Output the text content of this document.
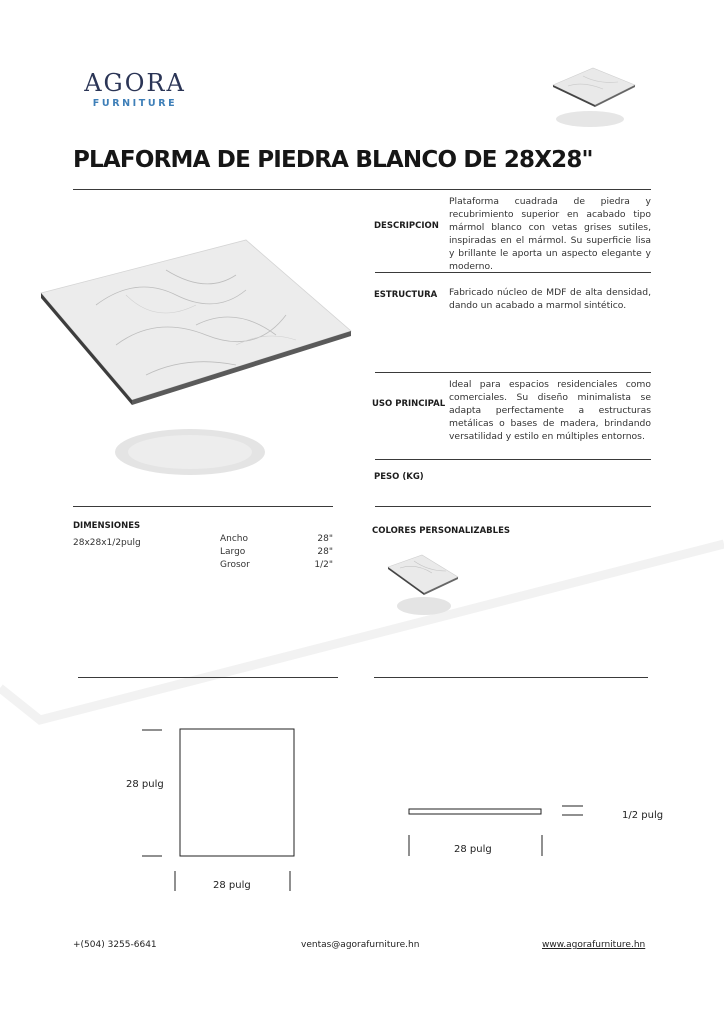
AGORA
FURNITURE
PLAFORMA DE PIEDRA BLANCO DE 28X28"
DESCRIPCION
Plataforma cuadrada de piedra y recubrimiento superior en acabado tipo mármol blanco con vetas grises sutiles, inspiradas en el mármol. Su superficie lisa y brillante le aporta un aspecto elegante y moderno.
ESTRUCTURA Fabricado núcleo de MDF de alta densidad, dando un acabado a marmol sintético.
USO PRINCIPAL
Ideal para espacios residenciales como comerciales. Su diseño minimalista se adapta perfectamente a estructuras metálicas o bases de madera, brindando versatilidad y estilo en múltiples entornos.
PESO (KG)
DIMENSIONES
28x28x1/2pulg	Ancho	28"
Largo	28"
Grosor	1/2"
COLORES PERSONALIZABLES
28 pulg
28 pulg
1/2 pulg
28 pulg
+(504) 3255-6641	ventas@agorafurniture.hn	www.agorafurniture.hn
